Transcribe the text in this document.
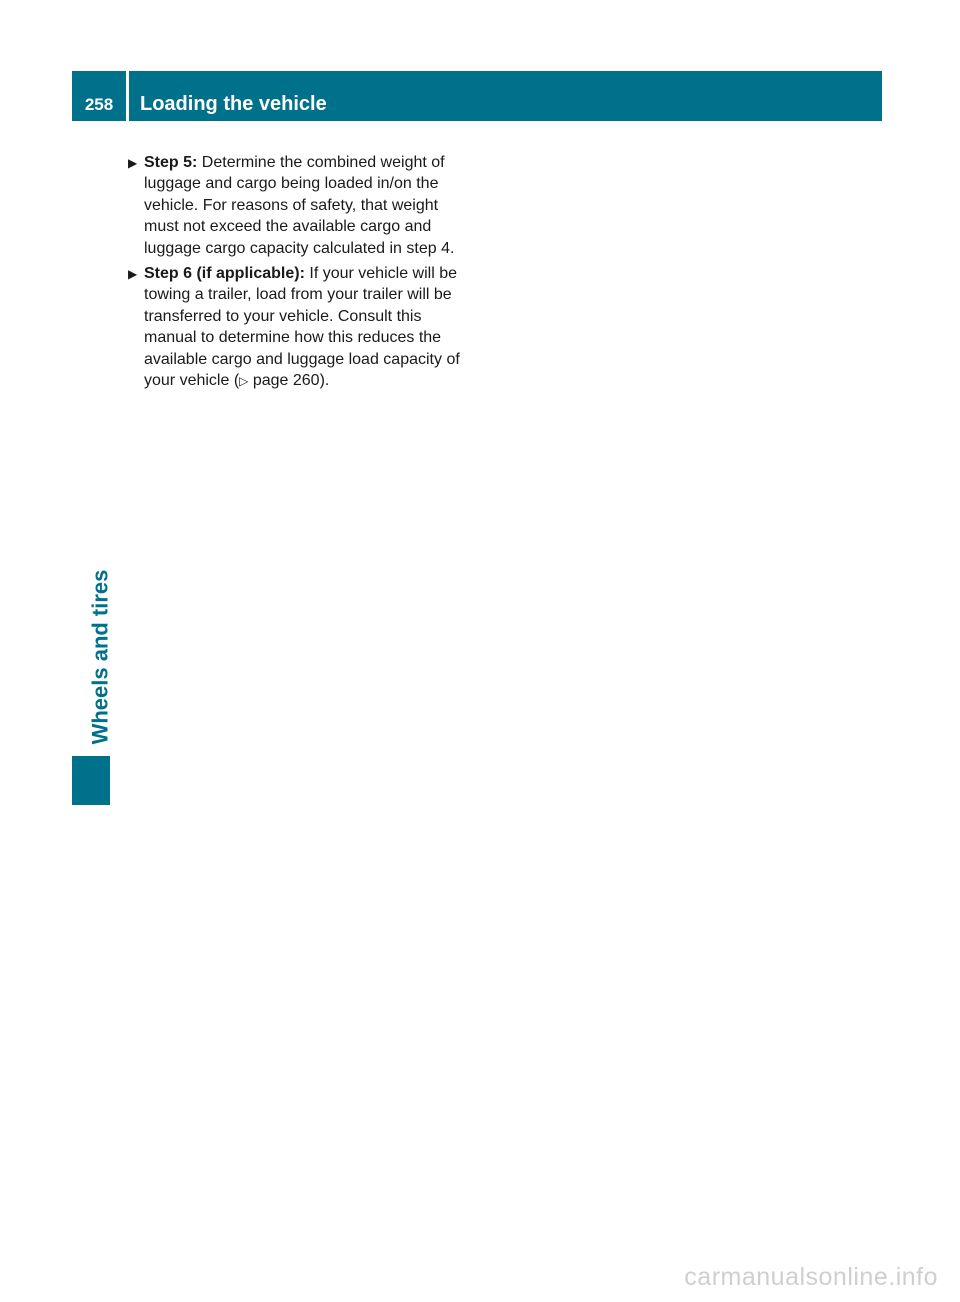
258	Loading the vehicle
Wheels and tires
▶ Step 5: Determine the combined weight of luggage and cargo being loaded in/on the vehicle. For reasons of safety, that weight must not exceed the available cargo and luggage cargo capacity calculated in step 4.
▶ Step 6 (if applicable): If your vehicle will be towing a trailer, load from your trailer will be transferred to your vehicle. Consult this manual to determine how this reduces the available cargo and luggage load capacity of your vehicle (▷ page 260).
carmanualsonline.info
